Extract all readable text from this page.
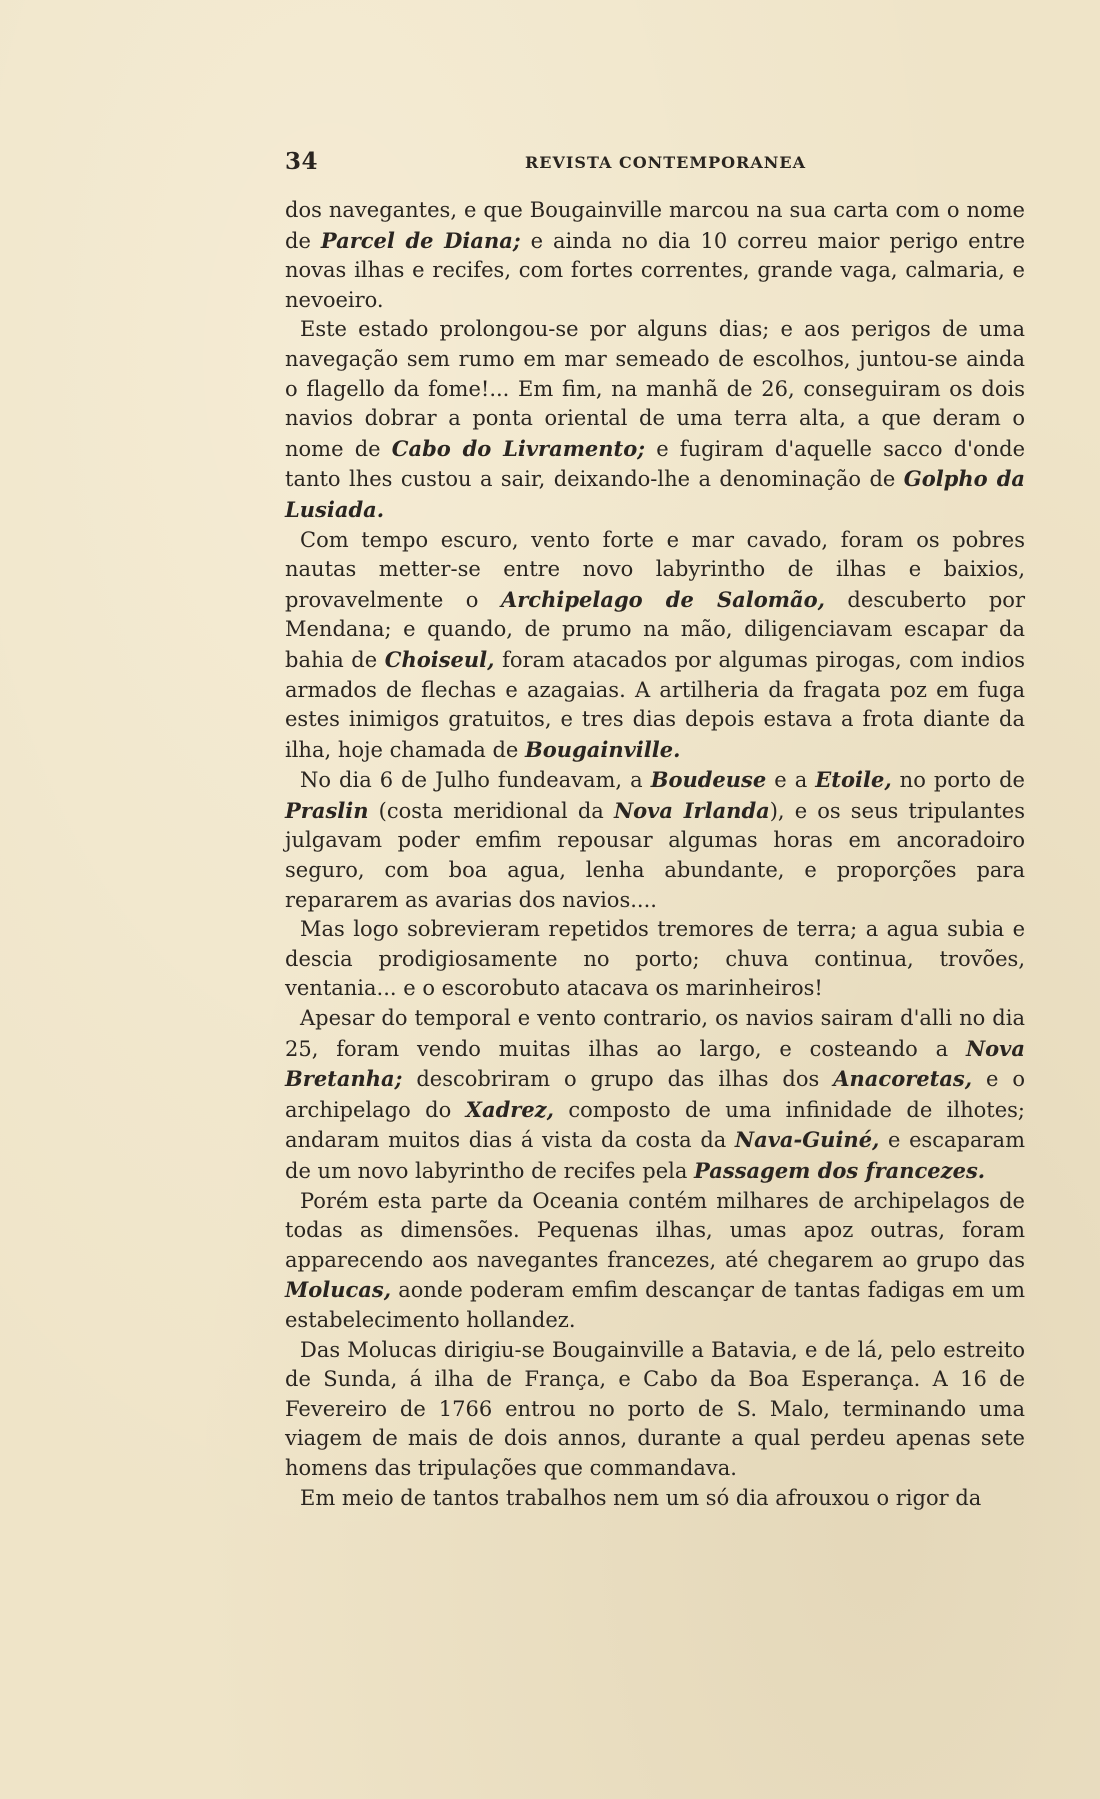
34	REVISTA CONTEMPORANEA

dos navegantes, e que Bougainville marcou na sua carta com o nome de Parcel de Diana; e ainda no dia 10 correu maior perigo entre novas ilhas e recifes, com fortes correntes, grande vaga, calmaria, e nevoeiro.

Este estado prolongou-se por alguns dias; e aos perigos de uma navegação sem rumo em mar semeado de escolhos, juntou-se ainda o flagello da fome!... Em fim, na manhã de 26, conseguiram os dois navios dobrar a ponta oriental de uma terra alta, a que deram o nome de Cabo do Livramento; e fugiram d'aquelle sacco d'onde tanto lhes custou a sair, deixando-lhe a denominação de Golpho da Lusiada.

Com tempo escuro, vento forte e mar cavado, foram os pobres nautas metter-se entre novo labyrintho de ilhas e baixios, provavelmente o Archipelago de Salomão, descuberto por Mendana; e quando, de prumo na mão, diligenciavam escapar da bahia de Choiseul, foram atacados por algumas pirogas, com indios armados de flechas e azagaias. A artilheria da fragata poz em fuga estes inimigos gratuitos, e tres dias depois estava a frota diante da ilha, hoje chamada de Bougainville.

No dia 6 de Julho fundeavam, a Boudeuse e a Etoile, no porto de Praslin (costa meridional da Nova Irlanda), e os seus tripulantes julgavam poder emfim repousar algumas horas em ancoradoiro seguro, com boa agua, lenha abundante, e proporções para repararem as avarias dos navios....

Mas logo sobrevieram repetidos tremores de terra; a agua subia e descia prodigiosamente no porto; chuva continua, trovões, ventania... e o escorobuto atacava os marinheiros!

Apesar do temporal e vento contrario, os navios sairam d'alli no dia 25, foram vendo muitas ilhas ao largo, e costeando a Nova Bretanha; descobriram o grupo das ilhas dos Anacoretas, e o archipelago do Xadrez, composto de uma infinidade de ilhotes; andaram muitos dias á vista da costa da Nava-Guiné, e escaparam de um novo labyrintho de recifes pela Passagem dos francezes.

Porém esta parte da Oceania contém milhares de archipelagos de todas as dimensões. Pequenas ilhas, umas apoz outras, foram apparecendo aos navegantes francezes, até chegarem ao grupo das Molucas, aonde poderam emfim descançar de tantas fadigas em um estabelecimento hollandez.

Das Molucas dirigiu-se Bougainville a Batavia, e de lá, pelo estreito de Sunda, á ilha de França, e Cabo da Boa Esperança. A 16 de Fevereiro de 1766 entrou no porto de S. Malo, terminando uma viagem de mais de dois annos, durante a qual perdeu apenas sete homens das tripulações que commandava.

Em meio de tantos trabalhos nem um só dia afrouxou o rigor da
